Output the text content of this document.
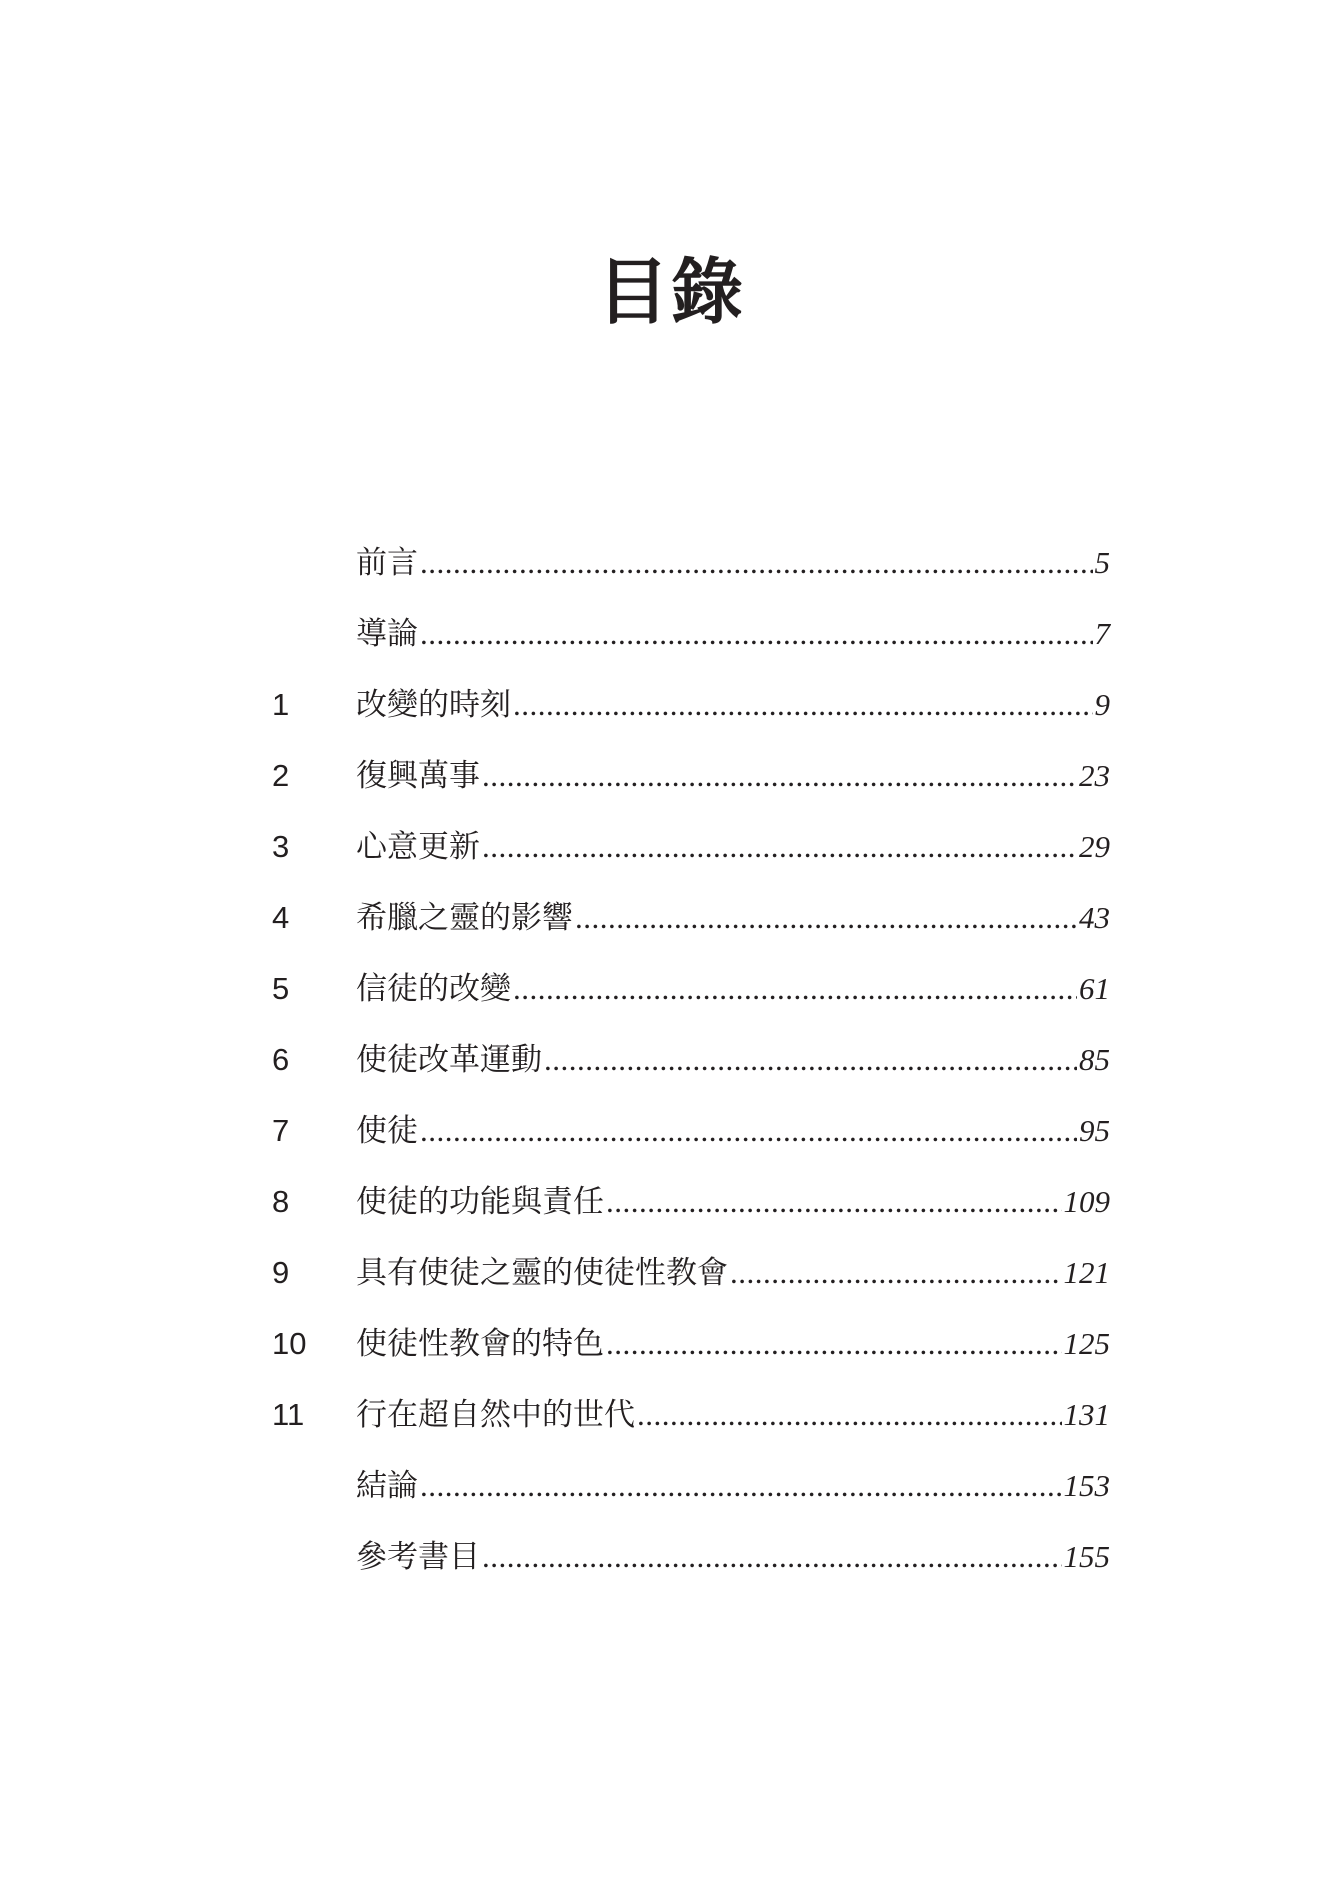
目錄
前言 .....	5
導論 .....	7
1	改變的時刻 .....	9
2	復興萬事 .....	23
3	心意更新 .....	29
4	希臘之靈的影響 .....	43
5	信徒的改變 .....	61
6	使徒改革運動 .....	85
7	使徒 .....	95
8	使徒的功能與責任 .....	109
9	具有使徒之靈的使徒性教會 .....	121
10	使徒性教會的特色 .....	125
11	行在超自然中的世代 .....	131
結論 .....	153
參考書目 .....	155
